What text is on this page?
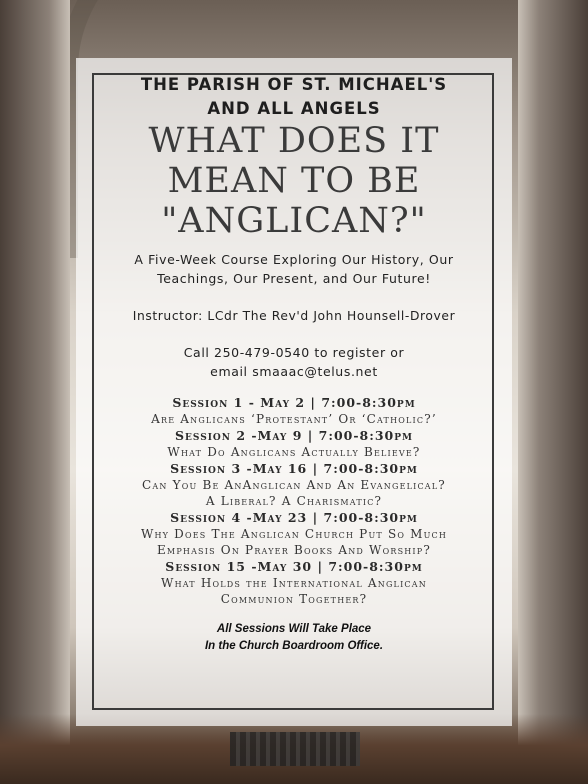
THE PARISH OF ST. MICHAEL'S
AND ALL ANGELS
WHAT DOES IT
MEAN TO BE
"ANGLICAN?"
A Five-Week Course Exploring Our History, Our
Teachings, Our Present, and Our Future!
Instructor: LCdr The Rev'd John Hounsell-Drover
Call 250-479-0540 to register or
email smaaac@telus.net
Session 1 - May 2 | 7:00-8:30pm
Are Anglicans ‘Protestant’ Or ‘Catholic?’
Session 2 -May 9 | 7:00-8:30pm
What Do Anglicans Actually Believe?
Session 3 -May 16 | 7:00-8:30pm
Can You Be AnAnglican And An Evangelical?
A Liberal? A Charismatic?
Session 4 -May 23 | 7:00-8:30pm
Why Does The Anglican Church Put So Much
Emphasis On Prayer Books And Worship?
Session 15 -May 30 | 7:00-8:30pm
What Holds the International Anglican
Communion Together?
All Sessions Will Take Place
In the Church Boardroom Office.
